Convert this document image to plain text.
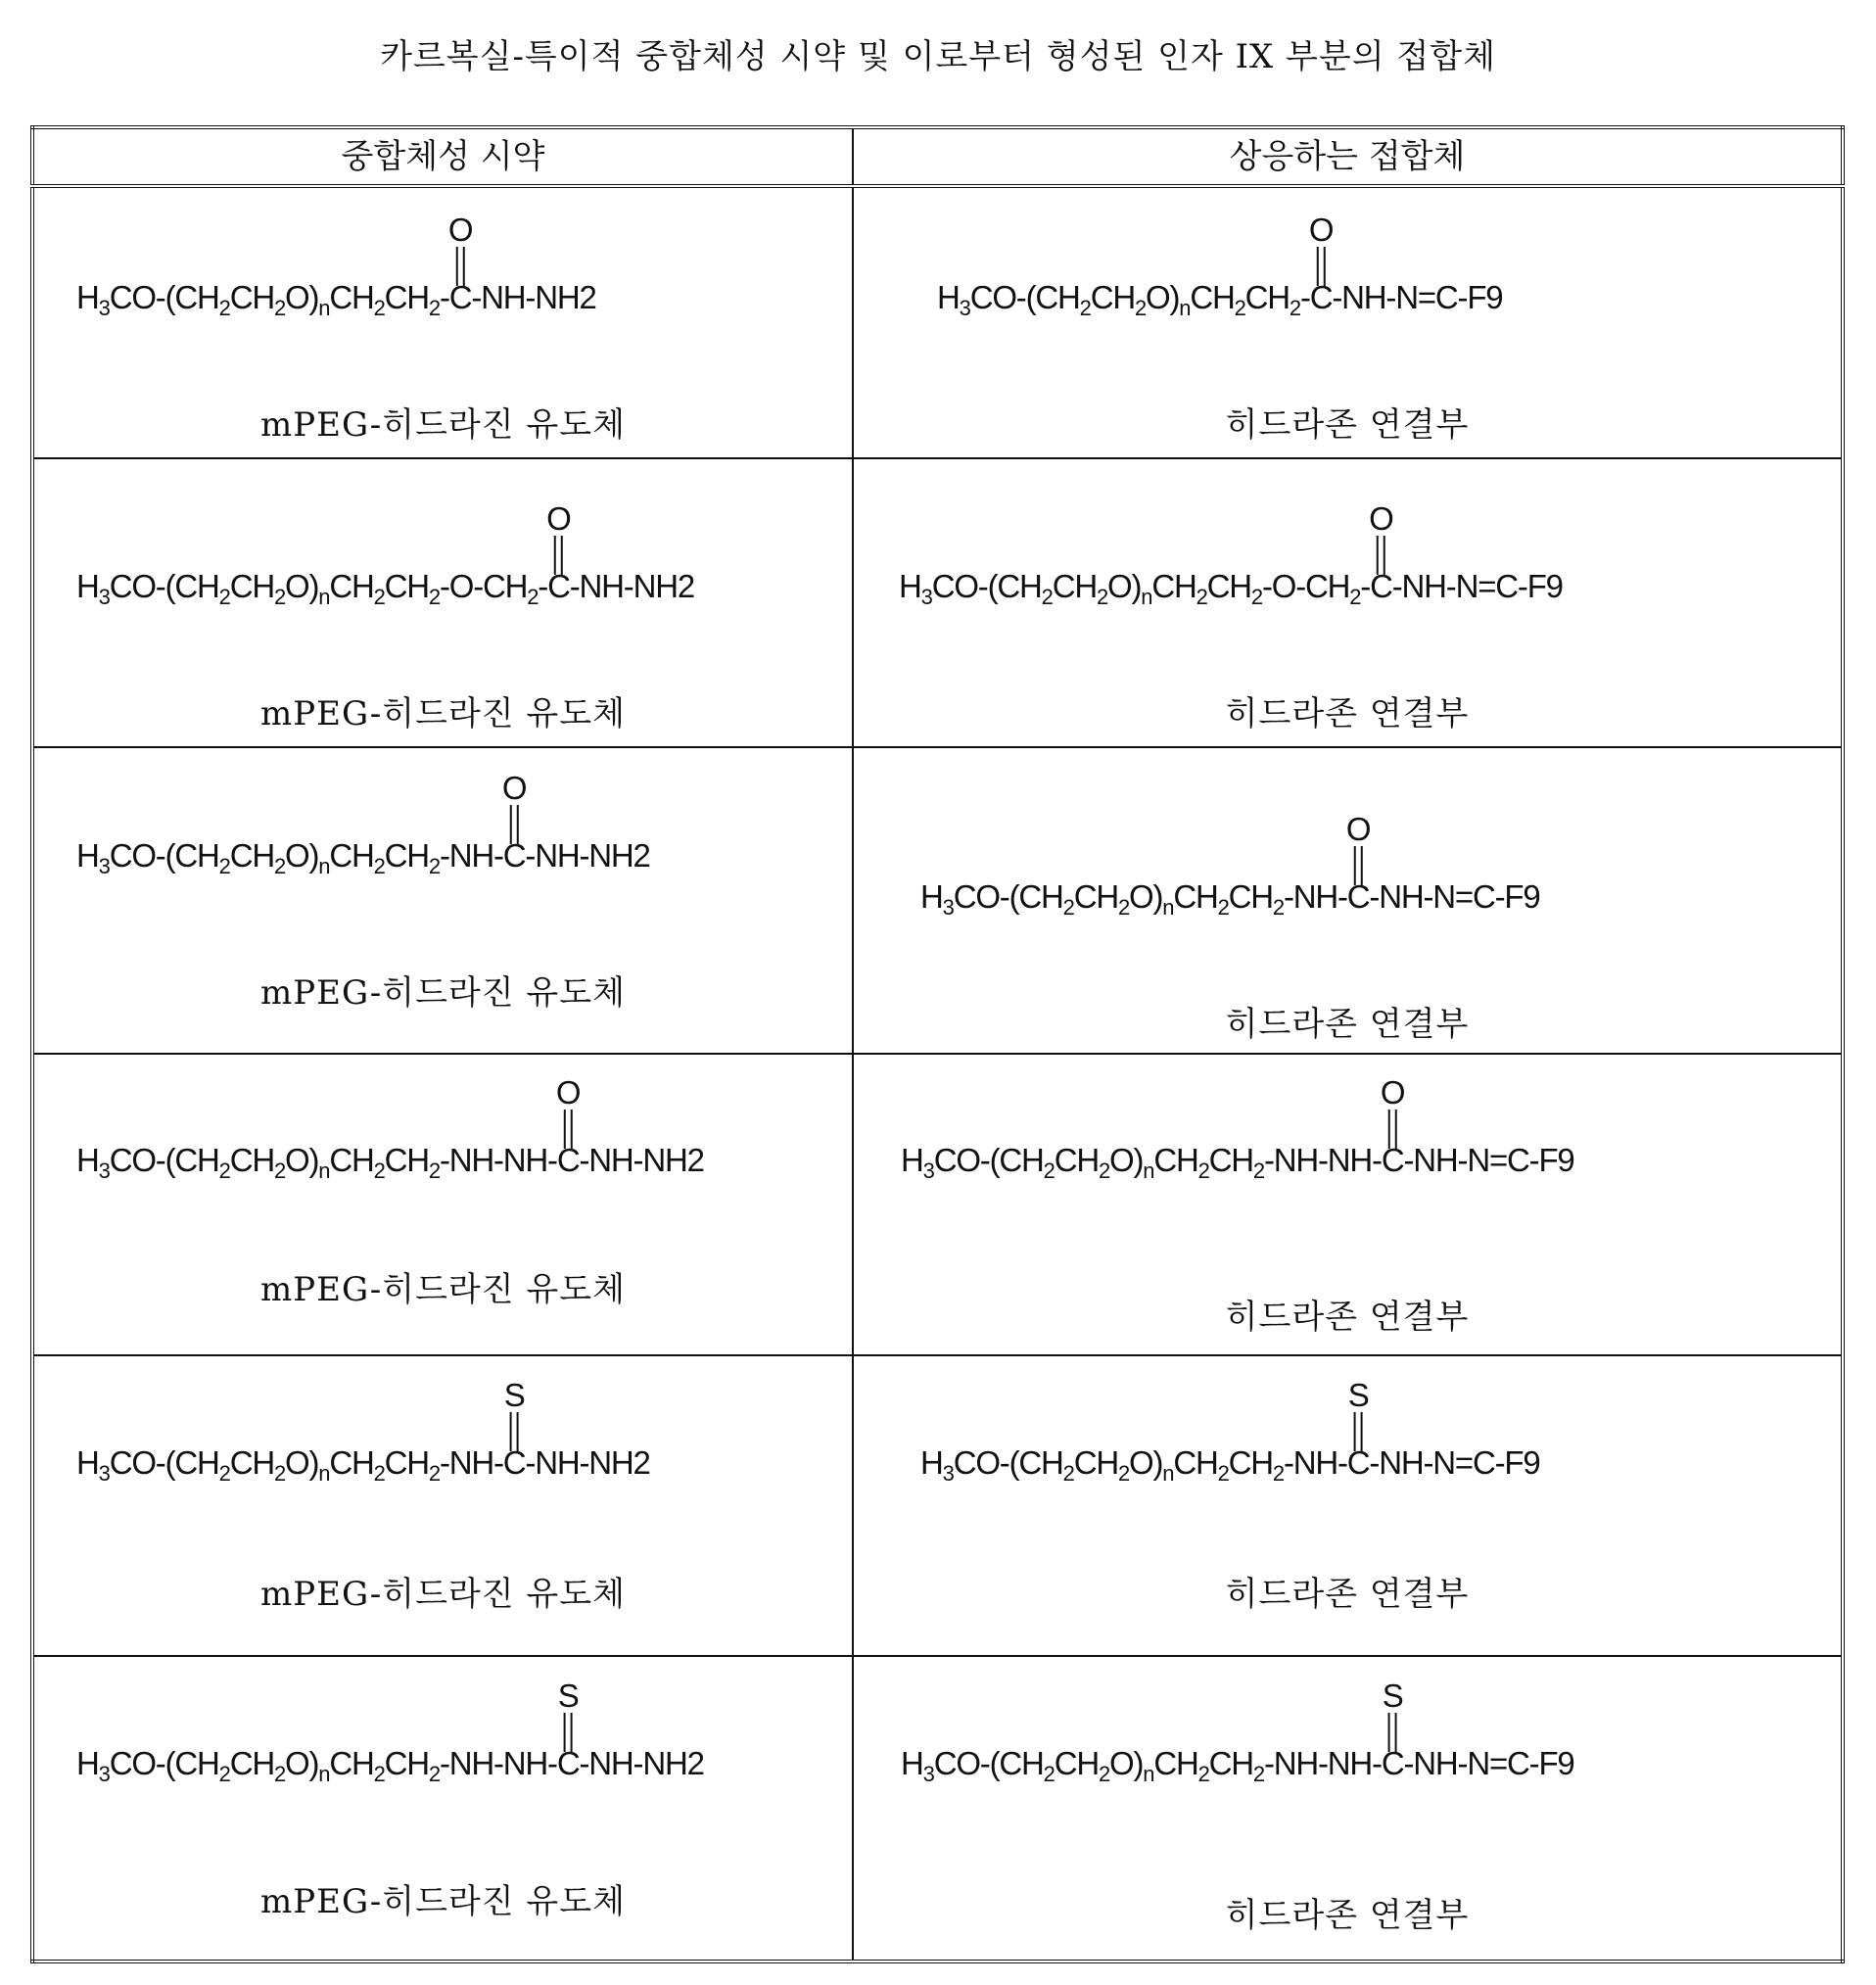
카르복실-특이적 중합체성 시약 및 이로부터 형성된 인자 IX 부분의 접합체
중합체성 시약	상응하는 접합체

H3CO-(CH2CH2O)nCH2CH2-
O
C-NH-NH2
mPEG-히드라진 유도체

H3CO-(CH2CH2O)nCH2CH2-
O
C-NH-N=C-F9
히드라존 연결부

H3CO-(CH2CH2O)nCH2CH2-O-CH2-
O
C-NH-NH2
mPEG-히드라진 유도체

H3CO-(CH2CH2O)nCH2CH2-O-CH2-
O
C-NH-N=C-F9
히드라존 연결부

H3CO-(CH2CH2O)nCH2CH2-NH-
O
C-NH-NH2
mPEG-히드라진 유도체

H3CO-(CH2CH2O)nCH2CH2-NH-
O
C-NH-N=C-F9
히드라존 연결부

H3CO-(CH2CH2O)nCH2CH2-NH-NH-
O
C-NH-NH2
mPEG-히드라진 유도체

H3CO-(CH2CH2O)nCH2CH2-NH-NH-
O
C-NH-N=C-F9
히드라존 연결부

H3CO-(CH2CH2O)nCH2CH2-NH-
S
C-NH-NH2
mPEG-히드라진 유도체

H3CO-(CH2CH2O)nCH2CH2-NH-
S
C-NH-N=C-F9
히드라존 연결부

H3CO-(CH2CH2O)nCH2CH2-NH-NH-
S
C-NH-NH2
mPEG-히드라진 유도체

H3CO-(CH2CH2O)nCH2CH2-NH-NH-
S
C-NH-N=C-F9
히드라존 연결부
